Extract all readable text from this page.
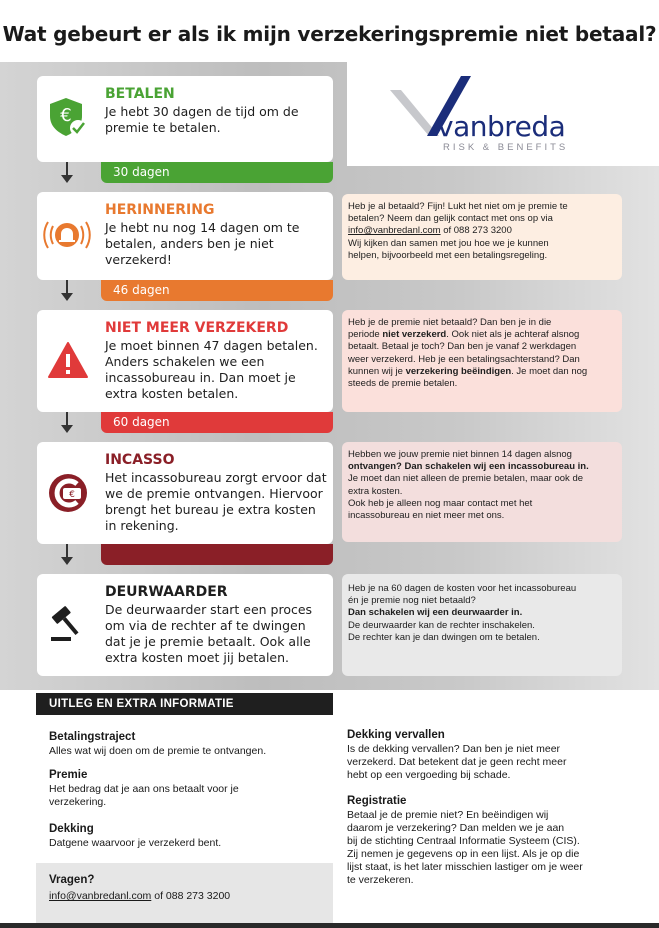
Wat gebeurt er als ik mijn verzekeringspremie niet betaal?
vanbreda
RISK & BENEFITS
€
BETALEN
Je hebt 30 dagen de tijd om de premie te betalen.
30 dagen
HERINNERING
Je hebt nu nog 14 dagen om te betalen, anders ben je niet verzekerd!
46 dagen
NIET MEER VERZEKERD
Je moet binnen 47 dagen betalen. Anders schakelen we een incassobureau in. Dan moet je extra kosten betalen.
60 dagen
€
INCASSO
Het incassobureau zorgt ervoor dat we de premie ontvangen. Hiervoor brengt het bureau je extra kosten in rekening.
DEURWAARDER
De deurwaarder start een proces om via de rechter af te dwingen dat je je premie betaalt. Ook alle extra kosten moet jij betalen.
Heb je al betaald? Fijn! Lukt het niet om je premie te
betalen? Neem dan gelijk contact met ons op via
info@vanbredanl.com of 088 273 3200
Wij kijken dan samen met jou hoe we je kunnen
helpen, bijvoorbeeld met een betalingsregeling.
Heb je de premie niet betaald? Dan ben je in die
periode niet verzekerd. Ook niet als je achteraf alsnog
betaalt. Betaal je toch? Dan ben je vanaf 2 werkdagen
weer verzekerd. Heb je een betalingsachterstand? Dan
kunnen wij je verzekering beëindigen. Je moet dan nog
steeds de premie betalen.
Hebben we jouw premie niet binnen 14 dagen alsnog
ontvangen? Dan schakelen wij een incassobureau in.
Je moet dan niet alleen de premie betalen, maar ook de
extra kosten.
Ook heb je alleen nog maar contact met het
incassobureau en niet meer met ons.
Heb je na 60 dagen de kosten voor het incassobureau
én je premie nog niet betaald?
Dan schakelen wij een deurwaarder in.
De deurwaarder kan de rechter inschakelen.
De rechter kan je dan dwingen om te betalen.
UITLEG EN EXTRA INFORMATIE
Betalingstraject
Alles wat wij doen om de premie te ontvangen.
Premie
Het bedrag dat je aan ons betaalt voor je
verzekering.
Dekking
Datgene waarvoor je verzekerd bent.
Dekking vervallen
Is de dekking vervallen? Dan ben je niet meer
verzekerd. Dat betekent dat je geen recht meer
hebt op een vergoeding bij schade.
Registratie
Betaal je de premie niet? En beëindigen wij
daarom je verzekering? Dan melden we je aan
bij de stichting Centraal Informatie Systeem (CIS).
Zij nemen je gegevens op in een lijst. Als je op die
lijst staat, is het later misschien lastiger om je weer
te verzekeren.
Vragen?
info@vanbredanl.com of 088 273 3200
